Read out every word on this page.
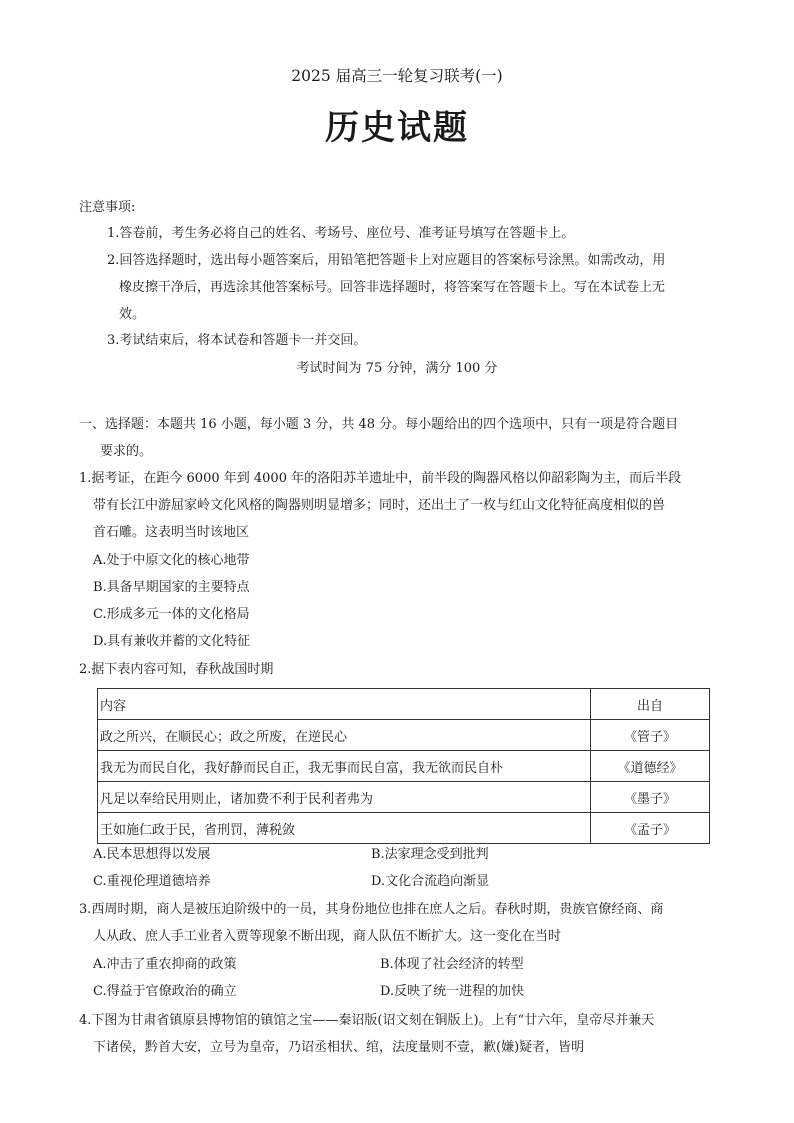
2025 届高三一轮复习联考(一)
历史试题
注意事项:
1.答卷前，考生务必将自己的姓名、考场号、座位号、准考证号填写在答题卡上。
2.回答选择题时，选出每小题答案后，用铅笔把答题卡上对应题目的答案标号涂黑。如需改动，用
橡皮擦干净后，再选涂其他答案标号。回答非选择题时，将答案写在答题卡上。写在本试卷上无
效。
3.考试结束后，将本试卷和答题卡一并交回。
考试时间为 75 分钟，满分 100 分
一、选择题：本题共 16 小题，每小题 3 分，共 48 分。每小题给出的四个选项中，只有一项是符合题目
要求的。
1.据考证，在距今 6000 年到 4000 年的洛阳苏羊遗址中，前半段的陶器风格以仰韶彩陶为主，而后半段
带有长江中游屈家岭文化风格的陶器则明显增多；同时，还出土了一枚与红山文化特征高度相似的兽
首石雕。这表明当时该地区
A.处于中原文化的核心地带
B.具备早期国家的主要特点
C.形成多元一体的文化格局
D.具有兼收并蓄的文化特征
2.据下表内容可知，春秋战国时期
内容	出自
政之所兴，在顺民心；政之所废，在逆民心	《管子》
我无为而民自化，我好静而民自正，我无事而民自富，我无欲而民自朴	《道德经》
凡足以奉给民用则止，诸加费不利于民利者弗为	《墨子》
王如施仁政于民，省刑罚，薄税敛	《孟子》
A.民本思想得以发展	B.法家理念受到批判
C.重视伦理道德培养	D.文化合流趋向渐显
3.西周时期，商人是被压迫阶级中的一员，其身份地位也排在庶人之后。春秋时期，贵族官僚经商、商
人从政、庶人手工业者入贾等现象不断出现，商人队伍不断扩大。这一变化在当时
A.冲击了重农抑商的政策	B.体现了社会经济的转型
C.得益于官僚政治的确立	D.反映了统一进程的加快
4.下图为甘肃省镇原县博物馆的镇馆之宝——秦诏版(诏文刻在铜版上)。上有“廿六年，皇帝尽并兼天
下诸侯，黔首大安，立号为皇帝，乃诏丞相状、绾，法度量则不壹，歉(嫌)疑者，皆明
